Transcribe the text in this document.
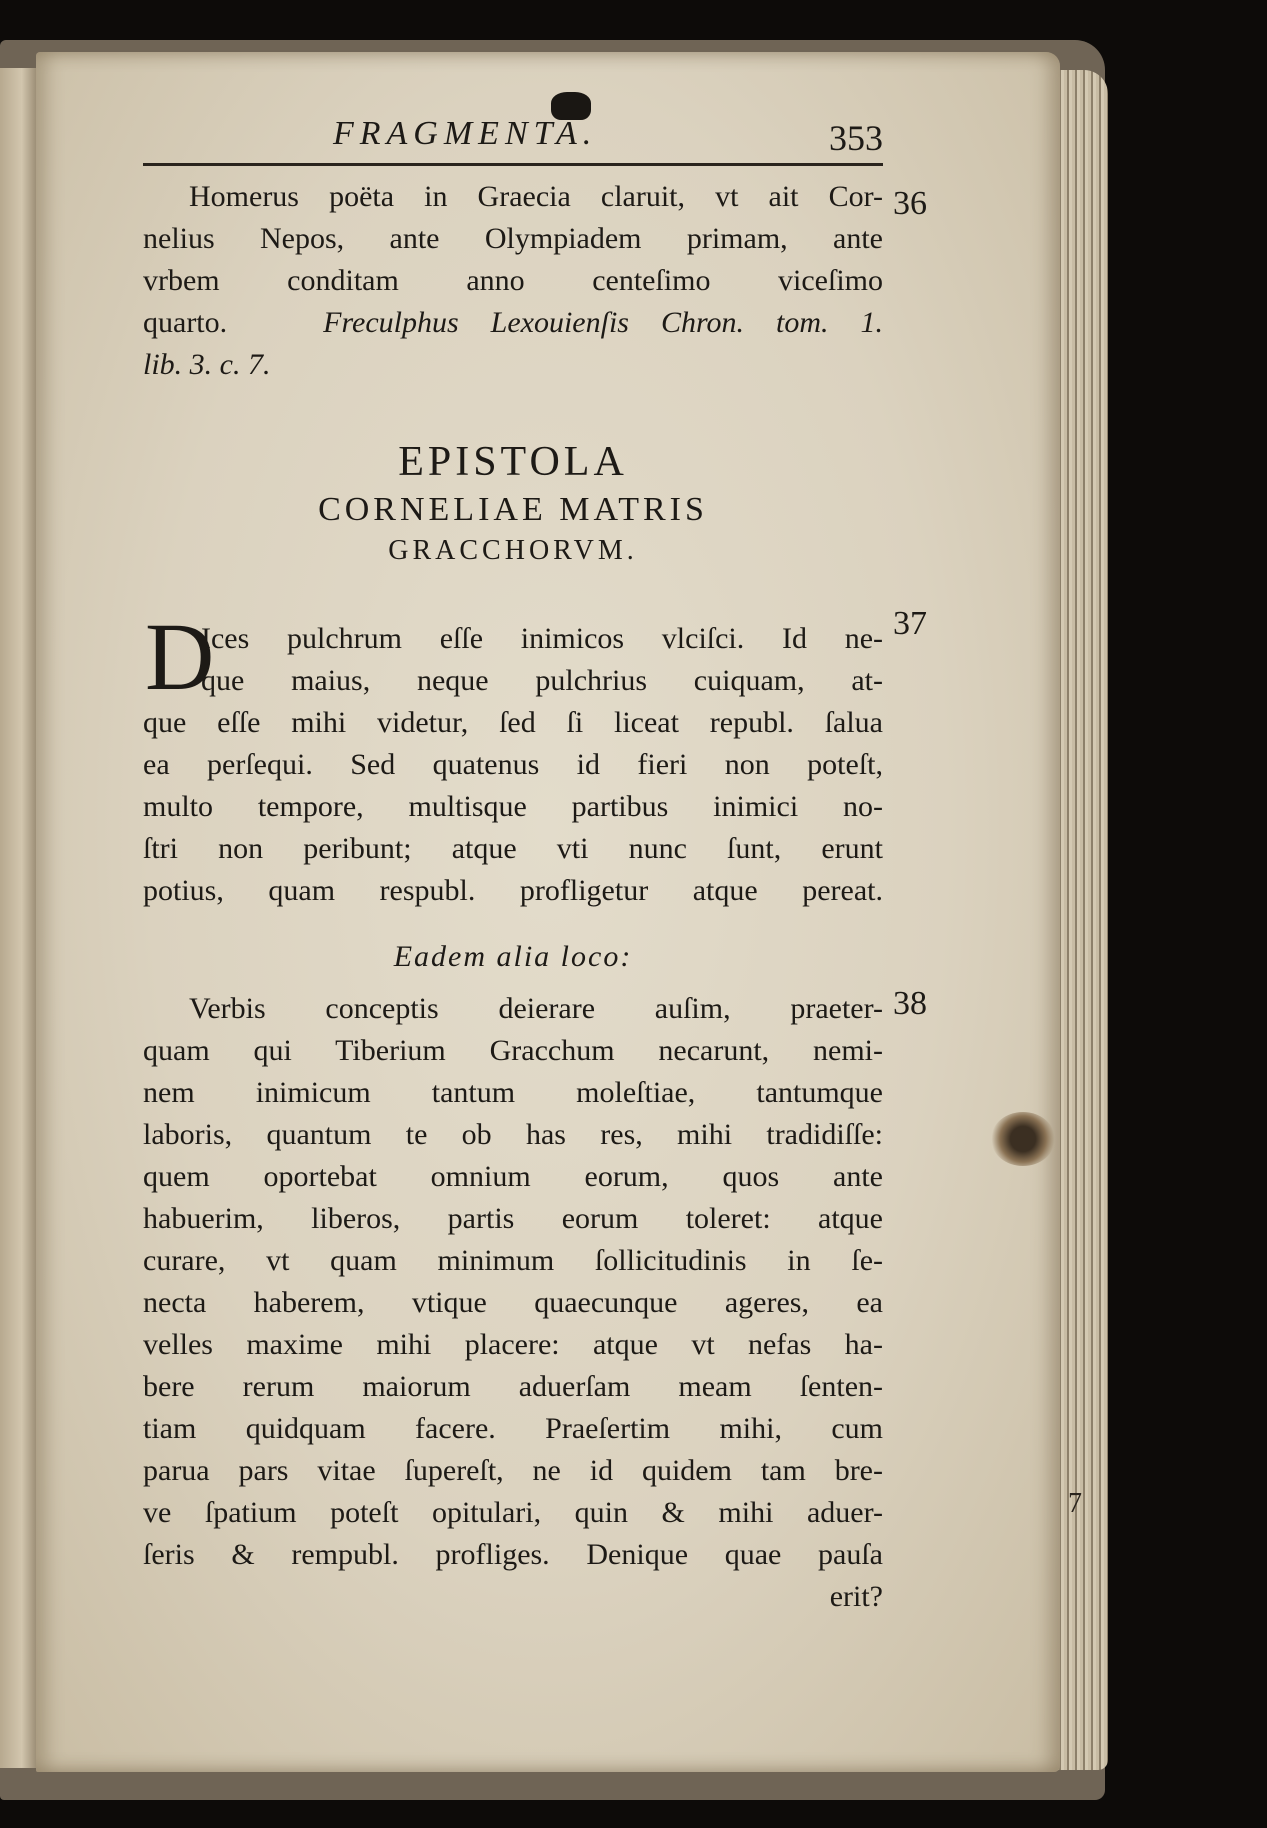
FRAGMENTA.	353
Homerus poëta in Graecia claruit, vt ait Cor-
nelius Nepos, ante Olympiadem primam, ante
vrbem conditam anno centeſimo viceſimo
quarto.	Freculphus Lexouienſis Chron. tom. 1.
lib. 3. c. 7.
EPISTOLA
CORNELIAE MATRIS
GRACCHORVM.
D
Ices pulchrum eſſe inimicos vlciſci. Id ne-
que maius, neque pulchrius cuiquam, at-
que eſſe mihi videtur, ſed ſi liceat republ. ſalua
ea perſequi. Sed quatenus id fieri non poteſt,
multo tempore, multisque partibus inimici no-
ſtri non peribunt; atque vti nunc ſunt, erunt
potius, quam respubl. profligetur atque pereat.
Eadem alia loco:
Verbis conceptis deierare auſim, praeter-
quam qui Tiberium Gracchum necarunt, nemi-
nem inimicum tantum moleſtiae, tantumque
laboris, quantum te ob has res, mihi tradidiſſe:
quem oportebat omnium eorum, quos ante
habuerim, liberos, partis eorum toleret: atque
curare, vt quam minimum ſollicitudinis in ſe-
necta haberem, vtique quaecunque ageres, ea
velles maxime mihi placere: atque vt nefas ha-
bere rerum maiorum aduerſam meam ſenten-
tiam quidquam facere. Praeſertim mihi, cum
parua pars vitae ſupereſt, ne id quidem tam bre-
ve ſpatium poteſt opitulari, quin & mihi aduer-
ſeris & rempubl. profliges. Denique quae pauſa
erit?
36
37
38
7
